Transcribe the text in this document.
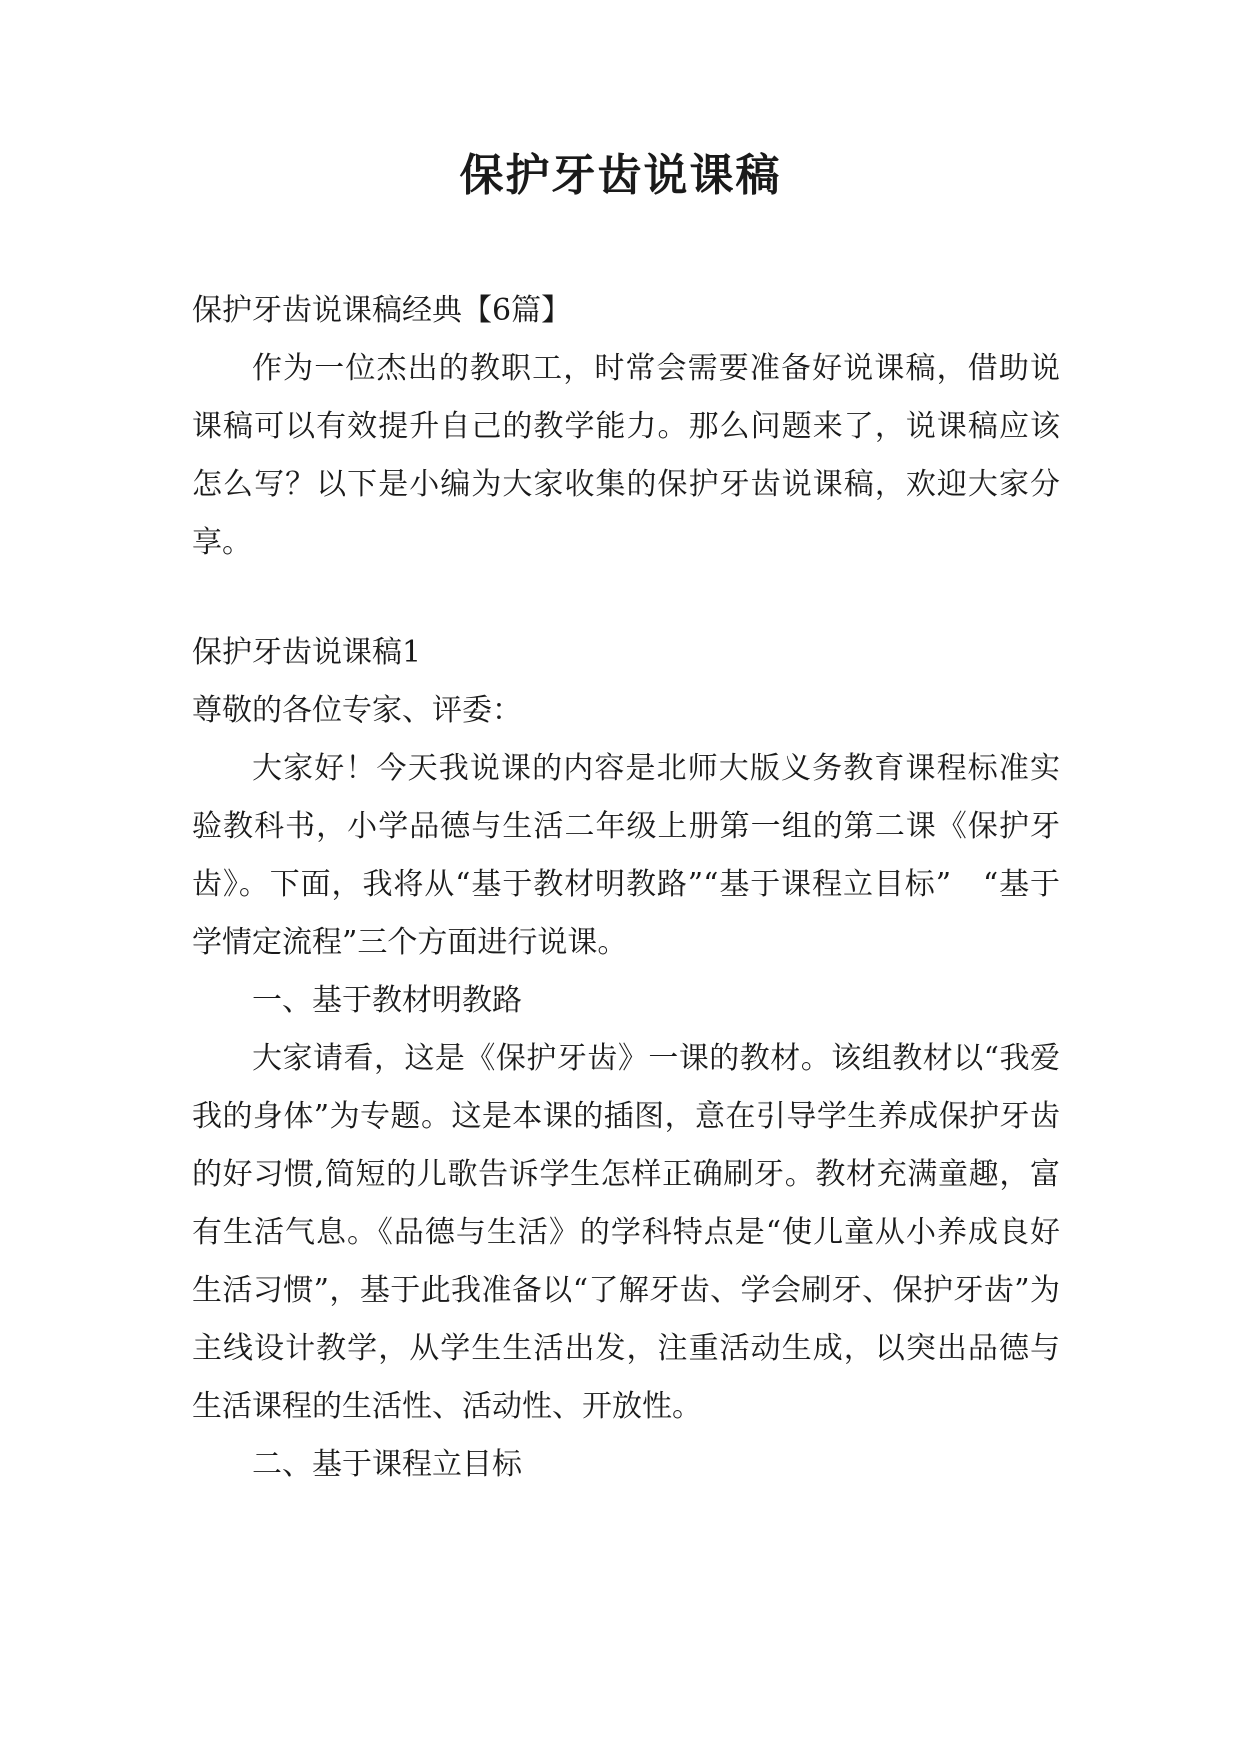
保护牙齿说课稿

保护牙齿说课稿经典【6篇】

作为一位杰出的教职工，时常会需要准备好说课稿，借助说课稿可以有效提升自己的教学能力。那么问题来了，说课稿应该怎么写？以下是小编为大家收集的保护牙齿说课稿，欢迎大家分享。

保护牙齿说课稿1

尊敬的各位专家、评委：

大家好！今天我说课的内容是北师大版义务教育课程标准实验教科书，小学品德与生活二年级上册第一组的第二课《保护牙齿》。下面，我将从“基于教材明教路”“基于课程立目标”　“基于学情定流程”三个方面进行说课。

一、基于教材明教路

大家请看，这是《保护牙齿》一课的教材。该组教材以“我爱我的身体”为专题。这是本课的插图，意在引导学生养成保护牙齿的好习惯,简短的儿歌告诉学生怎样正确刷牙。教材充满童趣，富有生活气息。《品德与生活》的学科特点是“使儿童从小养成良好生活习惯”，基于此我准备以“了解牙齿、学会刷牙、保护牙齿”为主线设计教学，从学生生活出发，注重活动生成，以突出品德与生活课程的生活性、活动性、开放性。

二、基于课程立目标
